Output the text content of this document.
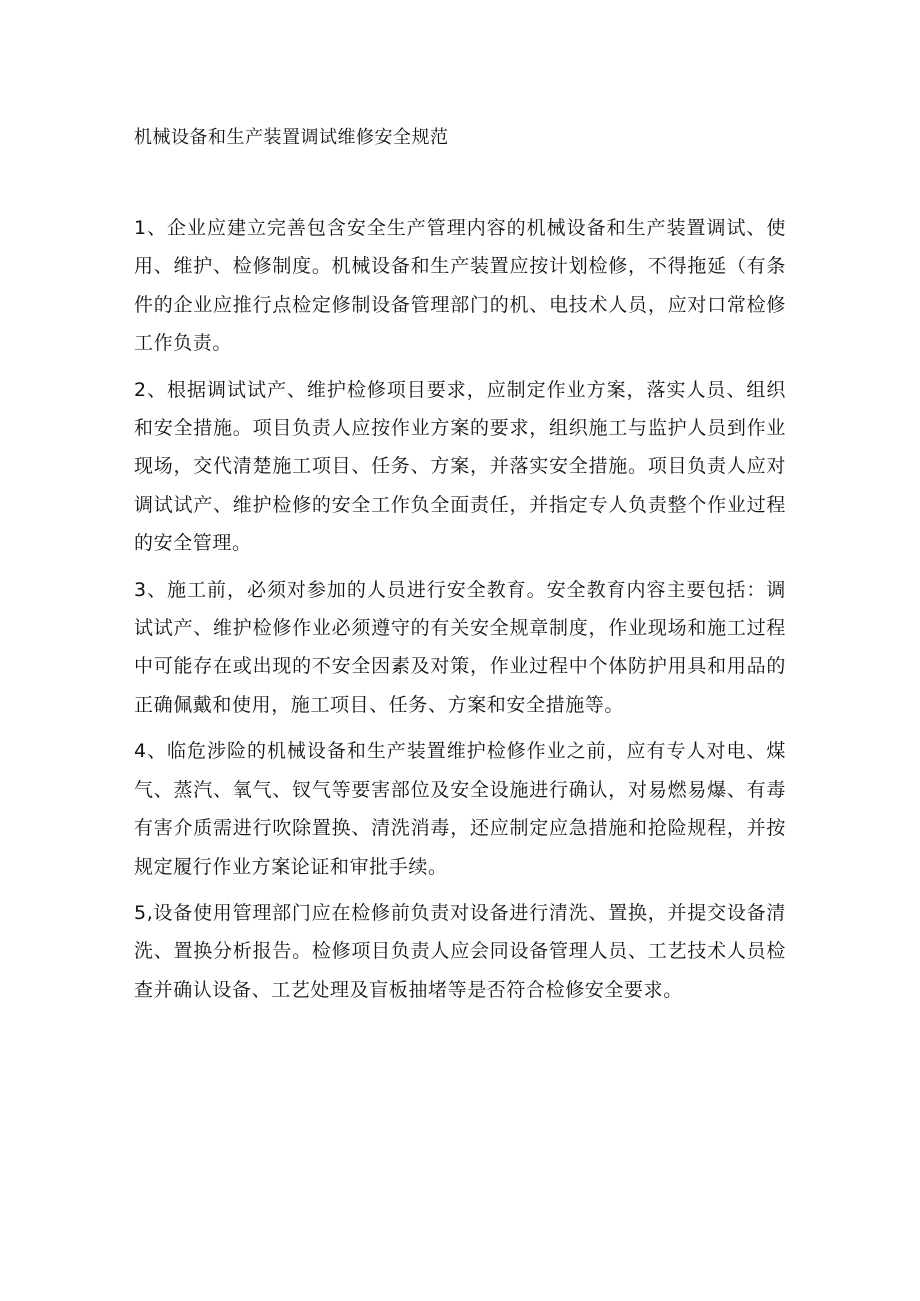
机械设备和生产装置调试维修安全规范

1、企业应建立完善包含安全生产管理内容的机械设备和生产装置调试、使用、维护、检修制度。机械设备和生产装置应按计划检修，不得拖延（有条件的企业应推行点检定修制设备管理部门的机、电技术人员，应对口常检修工作负责。

2、根据调试试产、维护检修项目要求，应制定作业方案，落实人员、组织和安全措施。项目负责人应按作业方案的要求，组织施工与监护人员到作业现场，交代清楚施工项目、任务、方案，并落实安全措施。项目负责人应对调试试产、维护检修的安全工作负全面责任，并指定专人负责整个作业过程的安全管理。

3、施工前，必须对参加的人员进行安全教育。安全教育内容主要包括：调试试产、维护检修作业必须遵守的有关安全规章制度，作业现场和施工过程中可能存在或出现的不安全因素及对策，作业过程中个体防护用具和用品的正确佩戴和使用，施工项目、任务、方案和安全措施等。

4、临危涉险的机械设备和生产装置维护检修作业之前，应有专人对电、煤气、蒸汽、氧气、钗气等要害部位及安全设施进行确认，对易燃易爆、有毒有害介质需进行吹除置换、清洗消毒，还应制定应急措施和抢险规程，并按规定履行作业方案论证和审批手续。

5,设备使用管理部门应在检修前负责对设备进行清洗、置换，并提交设备清洗、置换分析报告。检修项目负责人应会同设备管理人员、工艺技术人员检查并确认设备、工艺处理及盲板抽堵等是否符合检修安全要求。
